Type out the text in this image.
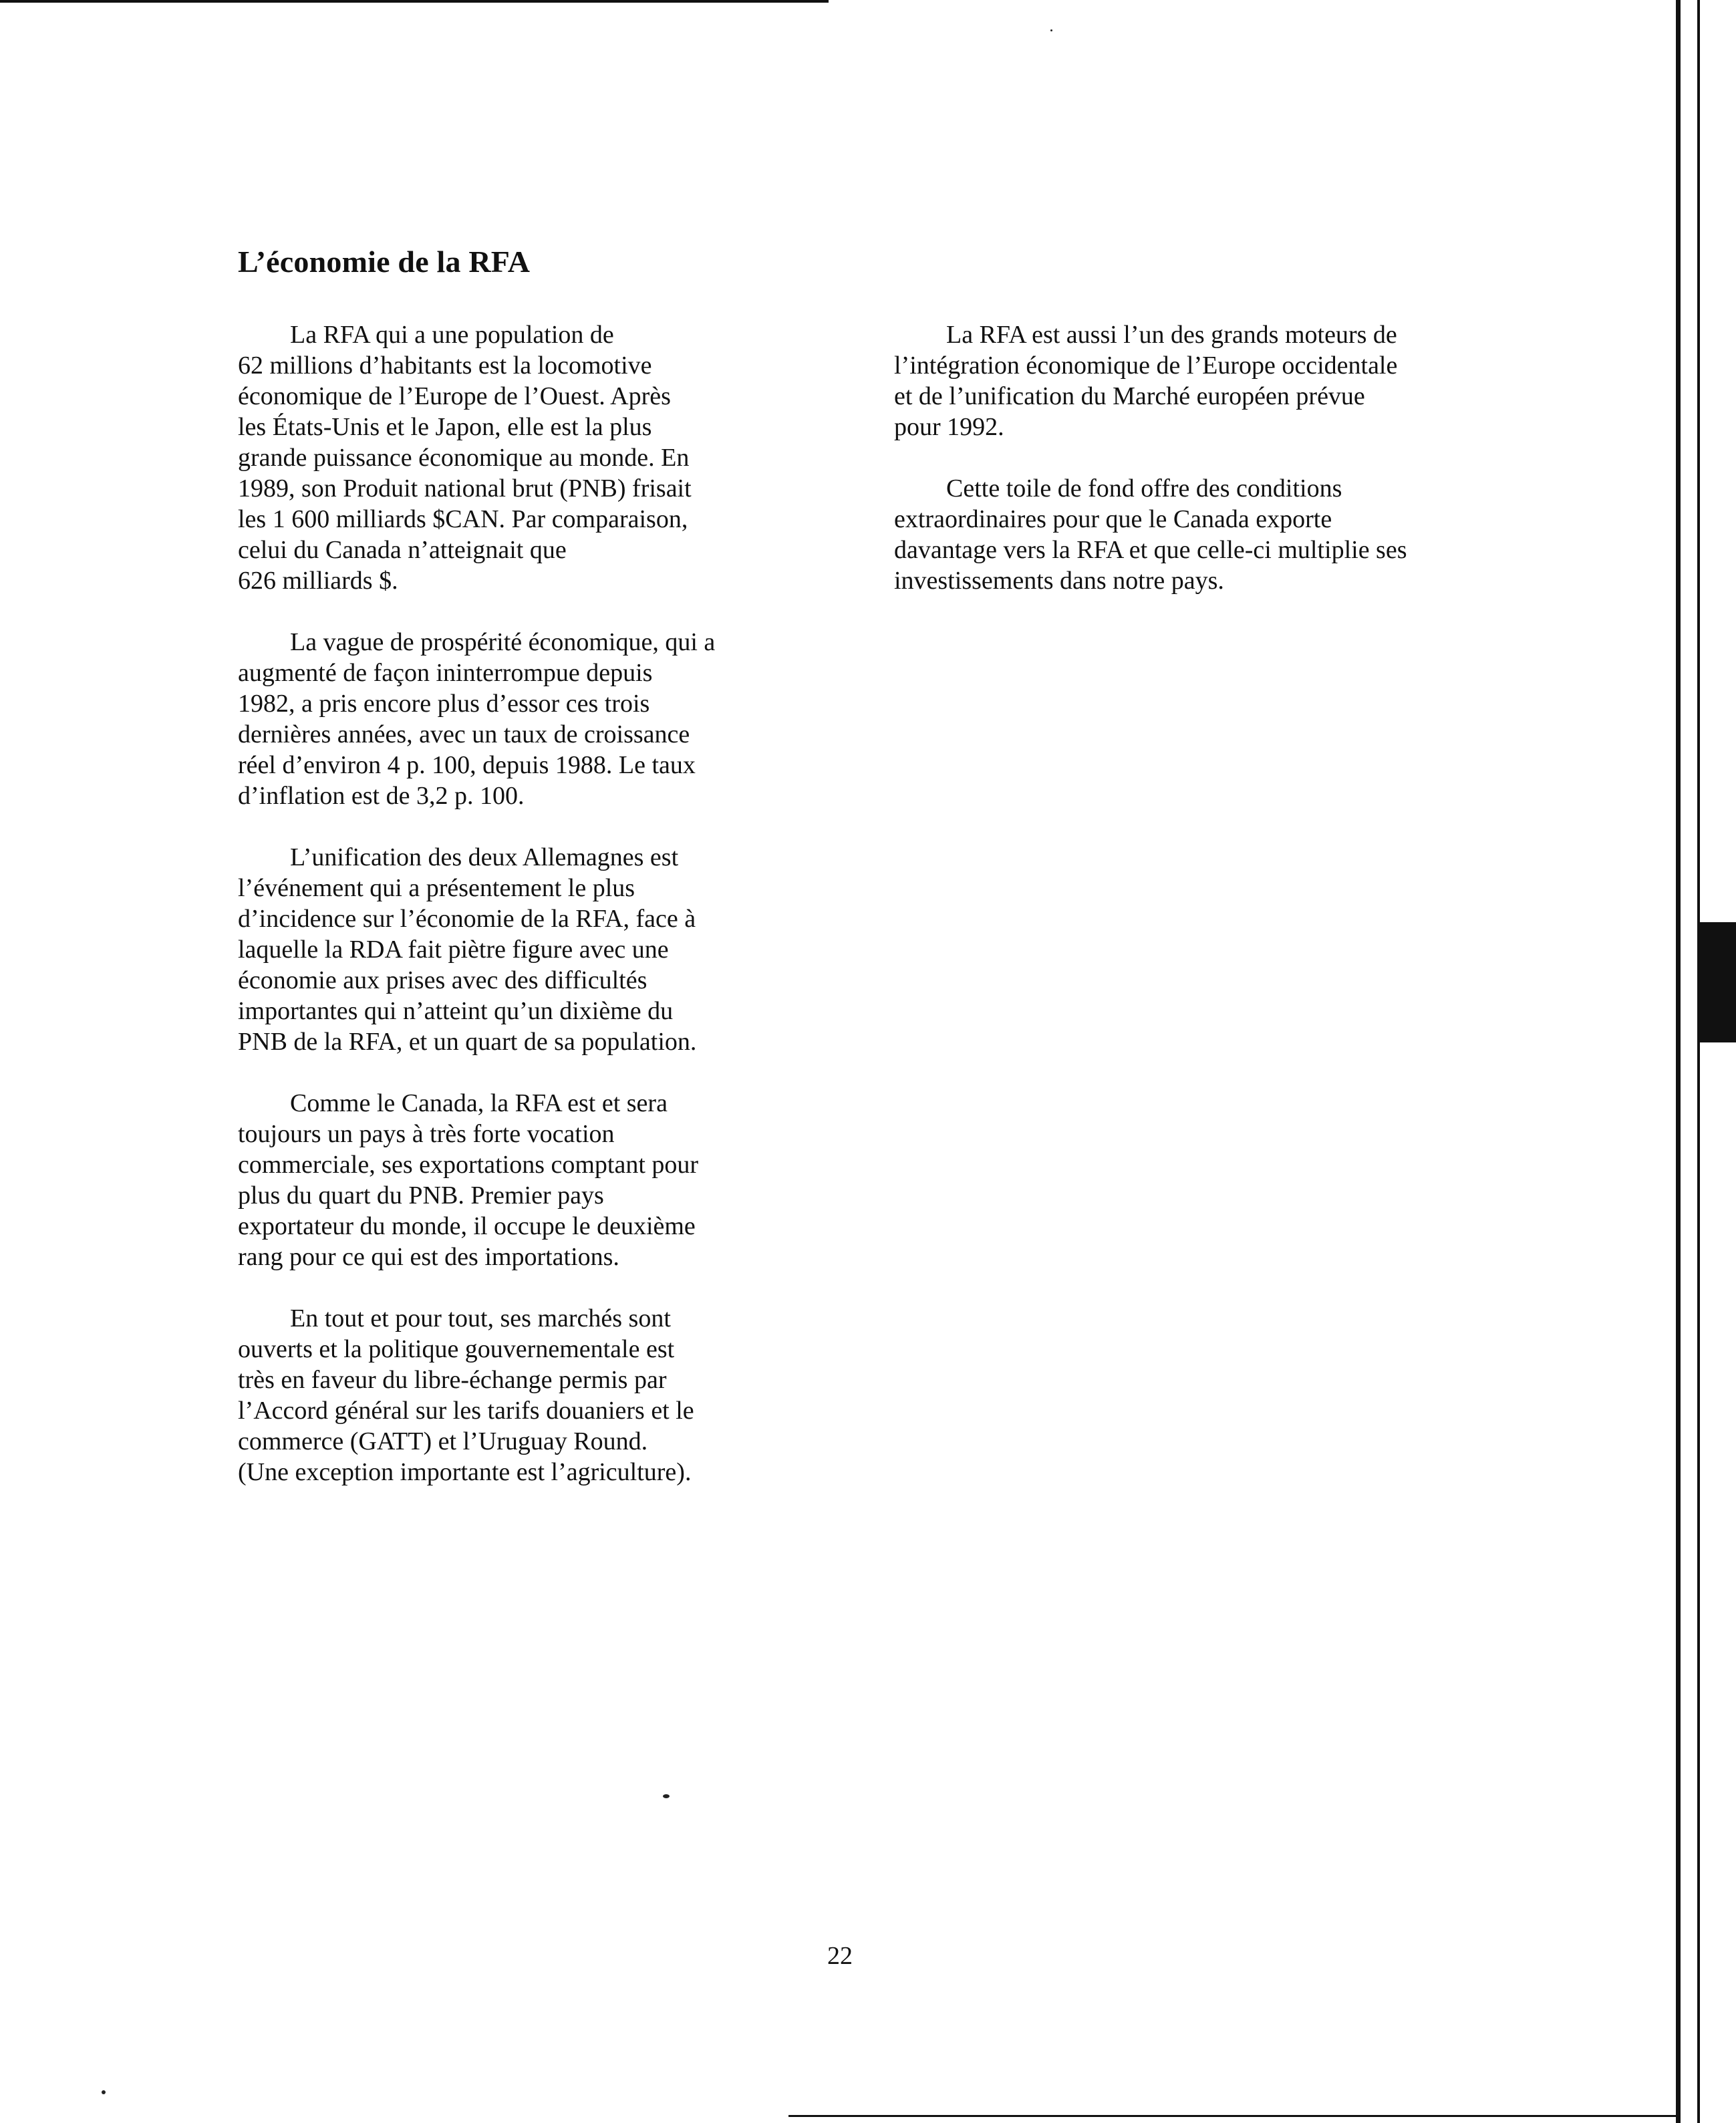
L’économie de la RFA
La RFA qui a une population de
62 millions d’habitants est la locomotive
économique de l’Europe de l’Ouest. Après
les États-Unis et le Japon, elle est la plus
grande puissance économique au monde. En
1989, son Produit national brut (PNB) frisait
les 1 600 milliards $CAN. Par comparaison,
celui du Canada n’atteignait que
626 milliards $.
La vague de prospérité économique, qui a
augmenté de façon ininterrompue depuis
1982, a pris encore plus d’essor ces trois
dernières années, avec un taux de croissance
réel d’environ 4 p. 100, depuis 1988. Le taux
d’inflation est de 3,2 p. 100.
L’unification des deux Allemagnes est
l’événement qui a présentement le plus
d’incidence sur l’économie de la RFA, face à
laquelle la RDA fait piètre figure avec une
économie aux prises avec des difficultés
importantes qui n’atteint qu’un dixième du
PNB de la RFA, et un quart de sa population.
Comme le Canada, la RFA est et sera
toujours un pays à très forte vocation
commerciale, ses exportations comptant pour
plus du quart du PNB. Premier pays
exportateur du monde, il occupe le deuxième
rang pour ce qui est des importations.
En tout et pour tout, ses marchés sont
ouverts et la politique gouvernementale est
très en faveur du libre-échange permis par
l’Accord général sur les tarifs douaniers et le
commerce (GATT) et l’Uruguay Round.
(Une exception importante est l’agriculture).
La RFA est aussi l’un des grands moteurs de
l’intégration économique de l’Europe occidentale
et de l’unification du Marché européen prévue
pour 1992.
Cette toile de fond offre des conditions
extraordinaires pour que le Canada exporte
davantage vers la RFA et que celle-ci multiplie ses
investissements dans notre pays.
22
